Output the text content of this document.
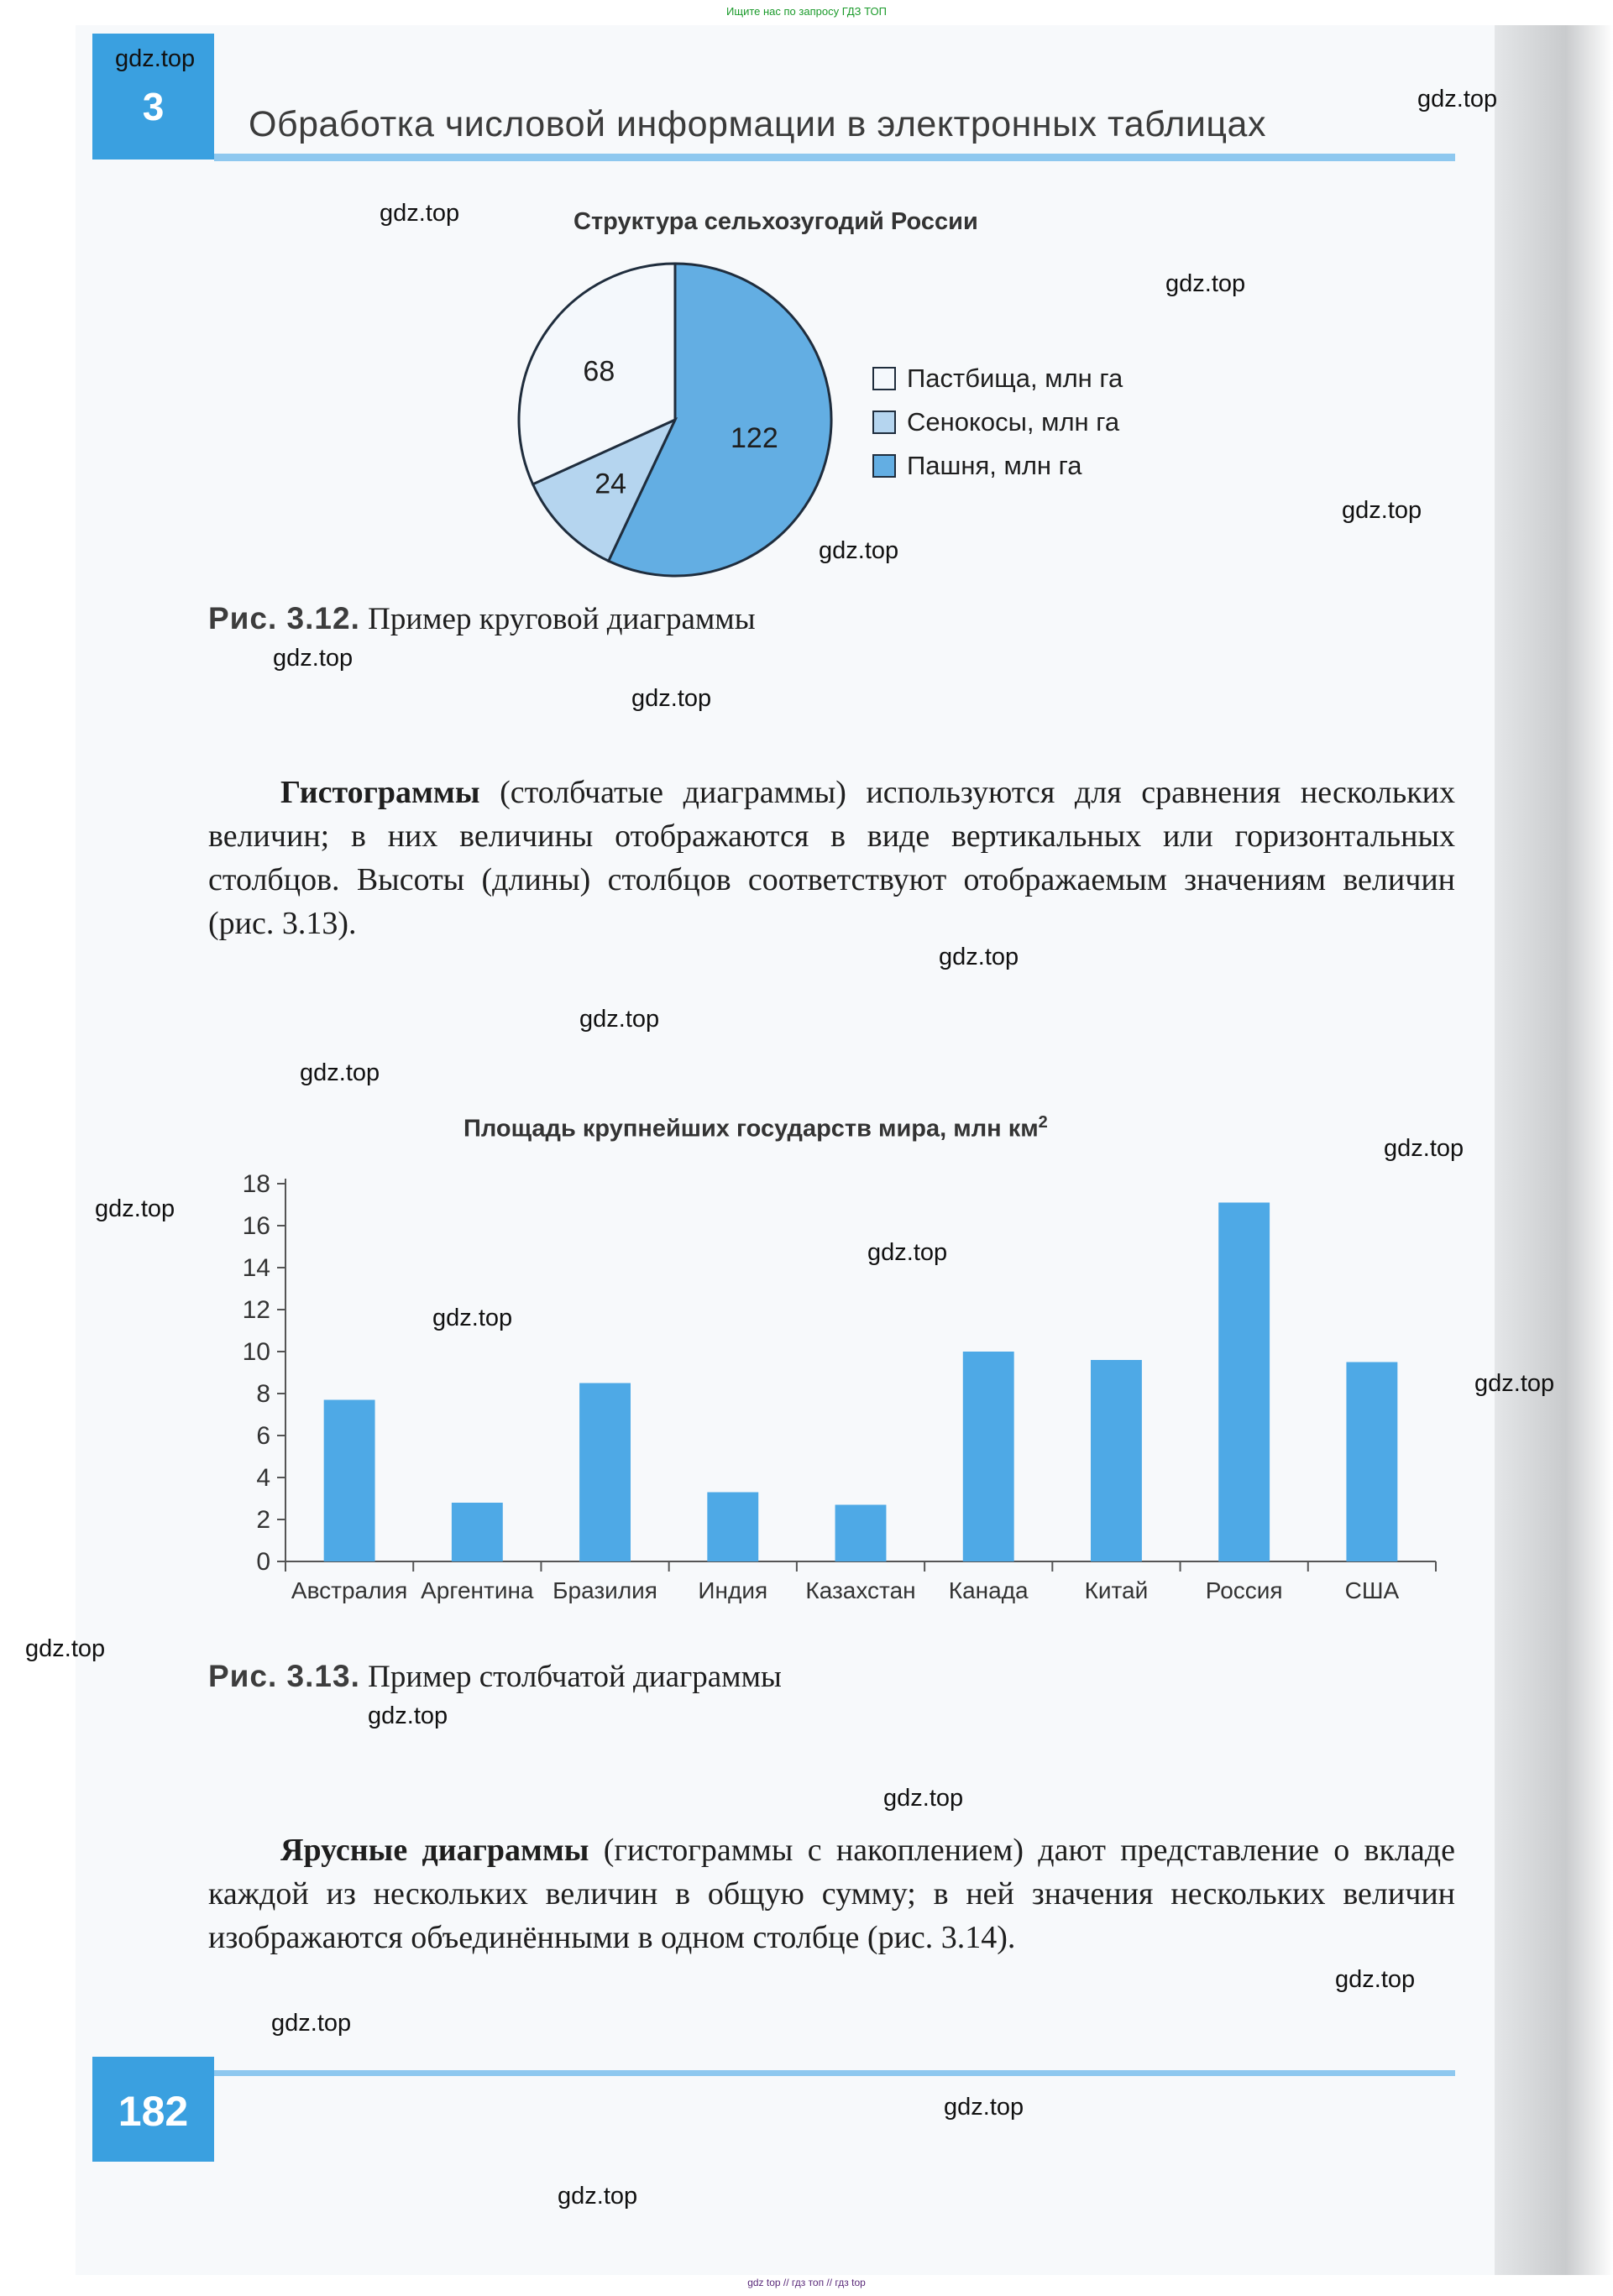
Ищите нас по запросу ГДЗ ТОП
3	Обработка числовой информации в электронных таблицах
Структура сельхозугодий России
122
24
68	Пастбища, млн га
Сенокосы, млн га
Пашня, млн га
Рис. 3.12. Пример круговой диаграммы

Гистограммы (столбчатые диаграммы) используются для сравнения нескольких величин; в них величины отображаются в виде вертикальных или горизонтальных столбцов. Высоты (длины) столбцов соответствуют отображаемым значениям величин (рис. 3.13).

Площадь крупнейших государств мира, млн $км^2$
0
2
4
6
8
10
12
14
16
18
Австралия Аргентина Бразилия Индия Казахстан Канада Китай Россия	США
Рис. 3.13. Пример столбчатой диаграммы

Ярусные диаграммы (гистограммы с накоплением) дают представление о вкладе каждой из нескольких величин в общую сумму; в ней значения нескольких величин изображаются объединёнными в одном столбце (рис. 3.14).

182
gdz.top
gdz.top
gdz.top
gdz.top
gdz.top
gdz.top
gdz.top
gdz.top
gdz.top
gdz.top
gdz.top
gdz.top
gdz.top
gdz.top
gdz.top
gdz.top
gdz.top
gdz.top
gdz.top
gdz.top
gdz.top
gdz.top
gdz.top
gdz top // гдз топ // гдз top
